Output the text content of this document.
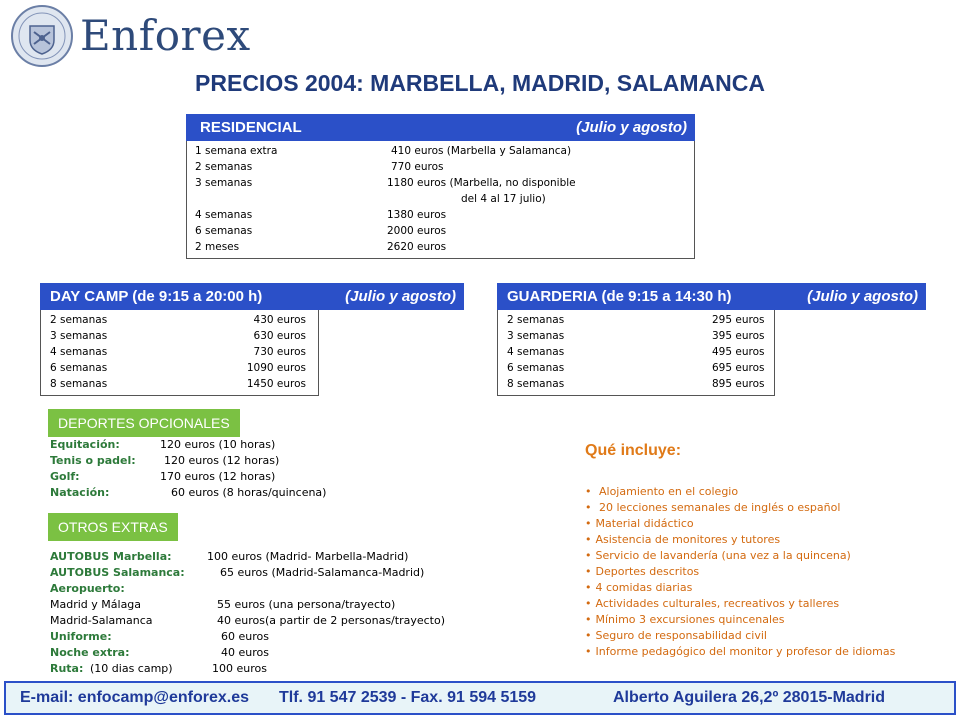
Enforex
PRECIOS 2004: MARBELLA, MADRID, SALAMANCA
RESIDENCIAL	(Julio y agosto)
1 semana extra	410 euros (Marbella y Salamanca)
2 semanas	770 euros
3 semanas	1180 euros (Marbella, no disponible
del 4 al 17 julio)
4 semanas	1380 euros
6 semanas	2000 euros
2 meses	2620 euros
DAY CAMP (de 9:15 a 20:00 h)	(Julio y agosto)
2 semanas	430 euros
3 semanas	630 euros
4 semanas	730 euros
6 semanas	1090 euros
8 semanas	1450 euros
GUARDERIA (de 9:15 a 14:30 h)	(Julio y agosto)
2 semanas	295 euros
3 semanas	395 euros
4 semanas	495 euros
6 semanas	695 euros
8 semanas	895 euros
DEPORTES OPCIONALES
Equitación:	120 euros (10 horas)
Tenis o padel:	120 euros (12 horas)
Golf:	170 euros (12 horas)
Natación:	60 euros (8 horas/quincena)
OTROS EXTRAS
AUTOBUS Marbella:	100 euros (Madrid- Marbella-Madrid)
AUTOBUS Salamanca:	65 euros (Madrid-Salamanca-Madrid)
Aeropuerto:
Madrid y Málaga	55 euros (una persona/trayecto)
Madrid-Salamanca	40 euros(a partir de 2 personas/trayecto)
Uniforme:	60 euros
Noche extra:	40 euros
Ruta: (10 dias camp)	100 euros
Qué incluye:
• Alojamiento en el colegio
• 20 lecciones semanales de inglés o español
• Material didáctico
• Asistencia de monitores y tutores
• Servicio de lavandería (una vez a la quincena)
• Deportes descritos
• 4 comidas diarias
• Actividades culturales, recreativos y talleres
• Mínimo 3 excursiones quincenales
• Seguro de responsabilidad civil
• Informe pedagógico del monitor y profesor de idiomas
E-mail: enfocamp@enforex.es Tlf. 91 547 2539 - Fax. 91 594 5159	Alberto Aguilera 26,2º 28015-Madrid
